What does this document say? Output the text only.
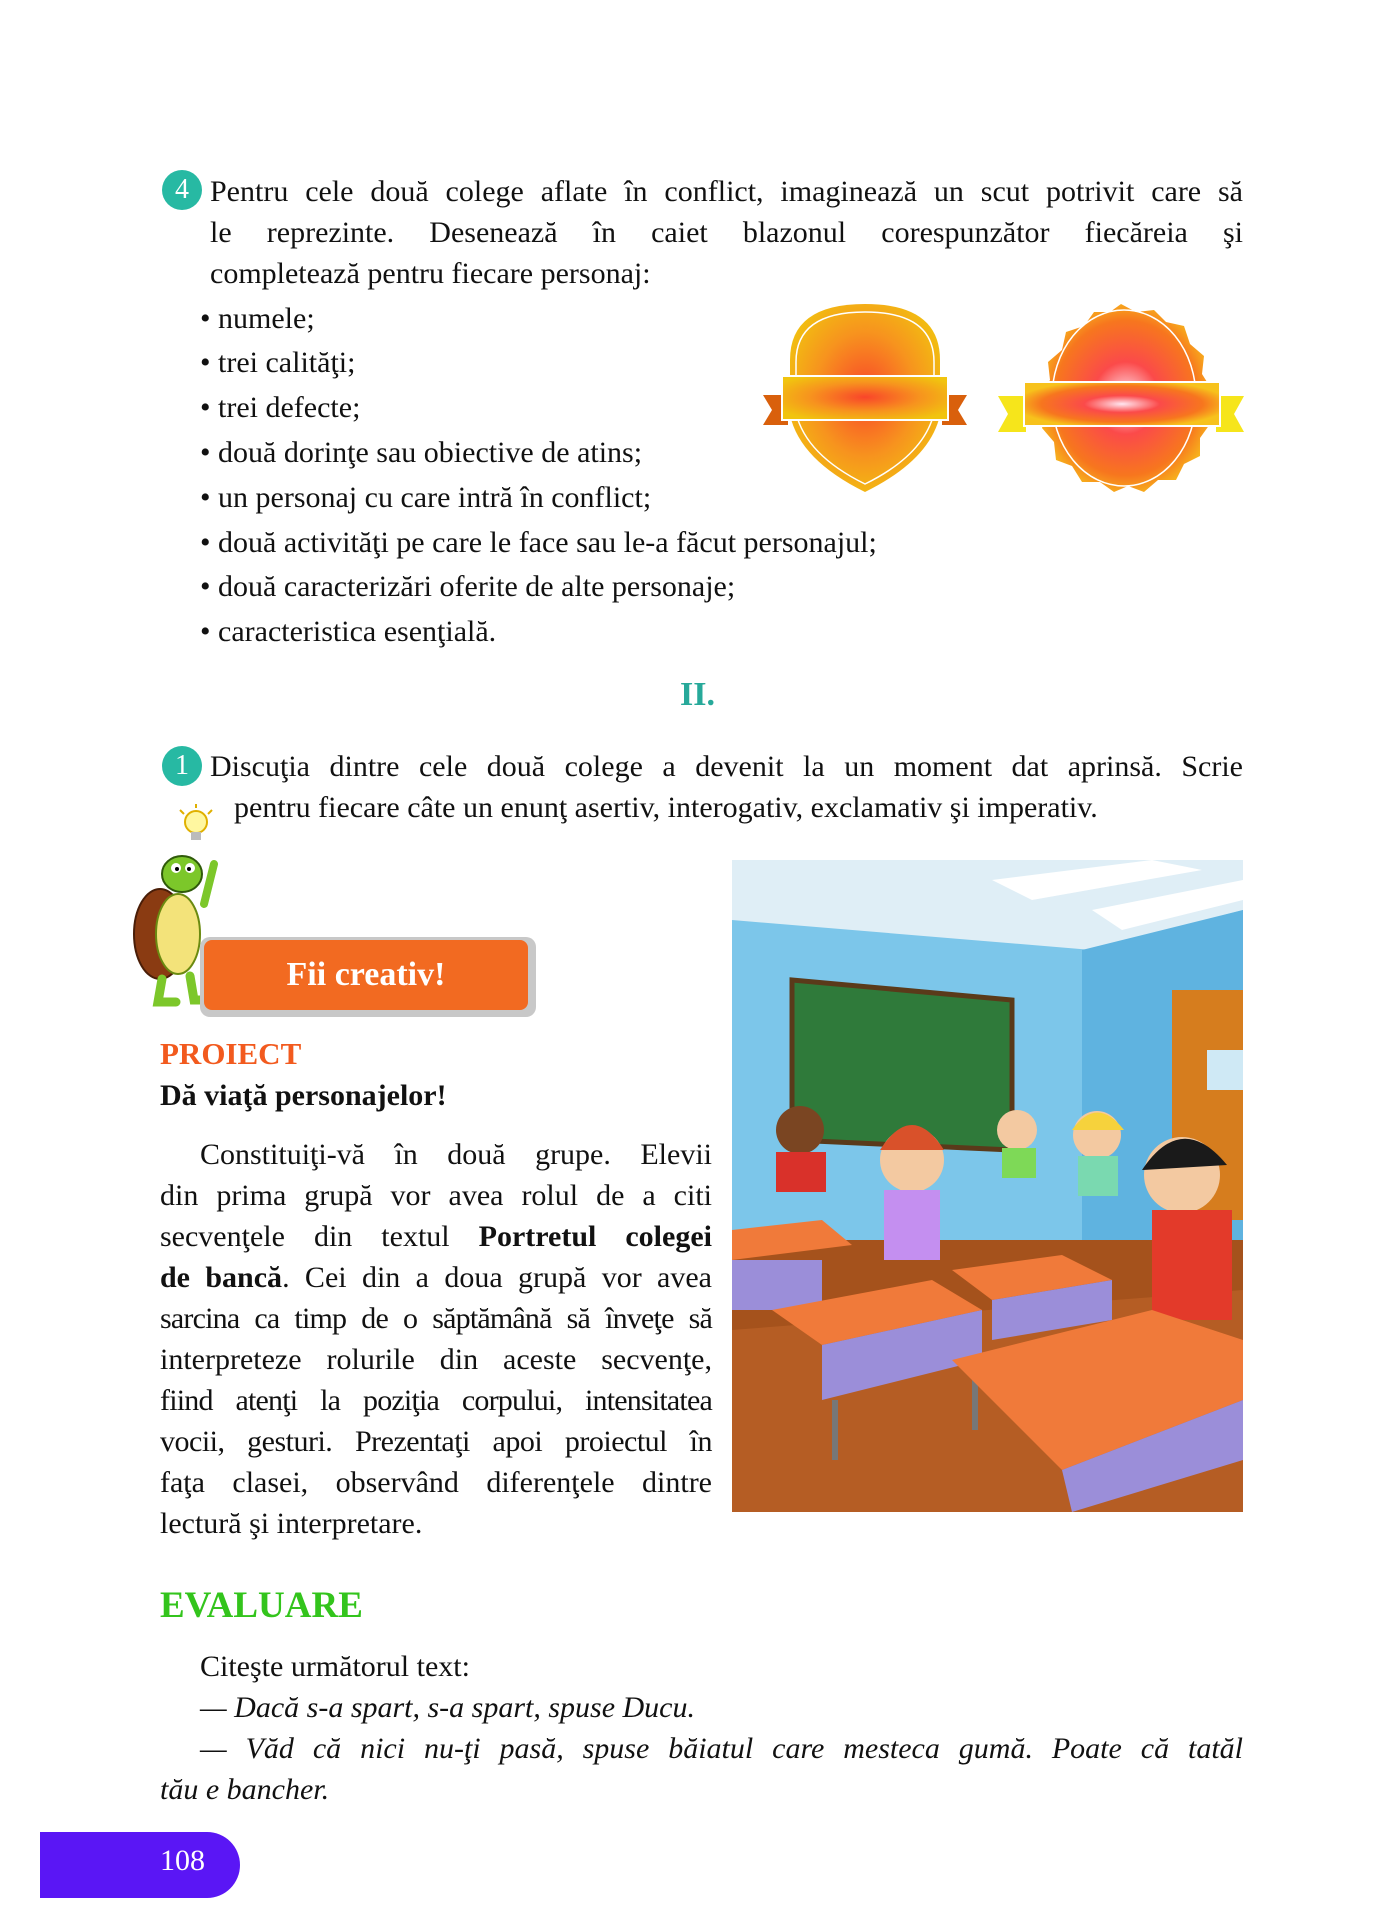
4 Pentru cele două colege aflate în conflict, imaginează un scut potrivit care să
le reprezinte. Desenează în caiet blazonul corespunzător fiecăreia şi
completează pentru fiecare personaj:
• numele;
• trei calităţi;
• trei defecte;
• două dorinţe sau obiective de atins;
• un personaj cu care intră în conflict;
• două activităţi pe care le face sau le-a făcut personajul;
• două caracterizări oferite de alte personaje;
• caracteristica esenţială.
II.
1 Discuţia dintre cele două colege a devenit la un moment dat aprinsă. Scrie
pentru fiecare câte un enunţ asertiv, interogativ, exclamativ şi imperativ.
Fii creativ!
PROIECT
Dă viaţă personajelor!
Constituiţi-vă în două grupe. Elevii
din prima grupă vor avea rolul de a citi
secvenţele din textul Portretul colegei
de bancă. Cei din a doua grupă vor avea
sarcina ca timp de o săptămână să înveţe să
interpreteze rolurile din aceste secvenţe,
fiind atenţi la poziţia corpului, intensitatea
vocii, gesturi. Prezentaţi apoi proiectul în
faţa clasei, observând diferenţele dintre
lectură şi interpretare.
EVALUARE
Citeşte următorul text:
— Dacă s-a spart, s-a spart, spuse Ducu.
— Văd că nici nu-ţi pasă, spuse băiatul care mesteca gumă. Poate că tatăl
tău e bancher.
108
